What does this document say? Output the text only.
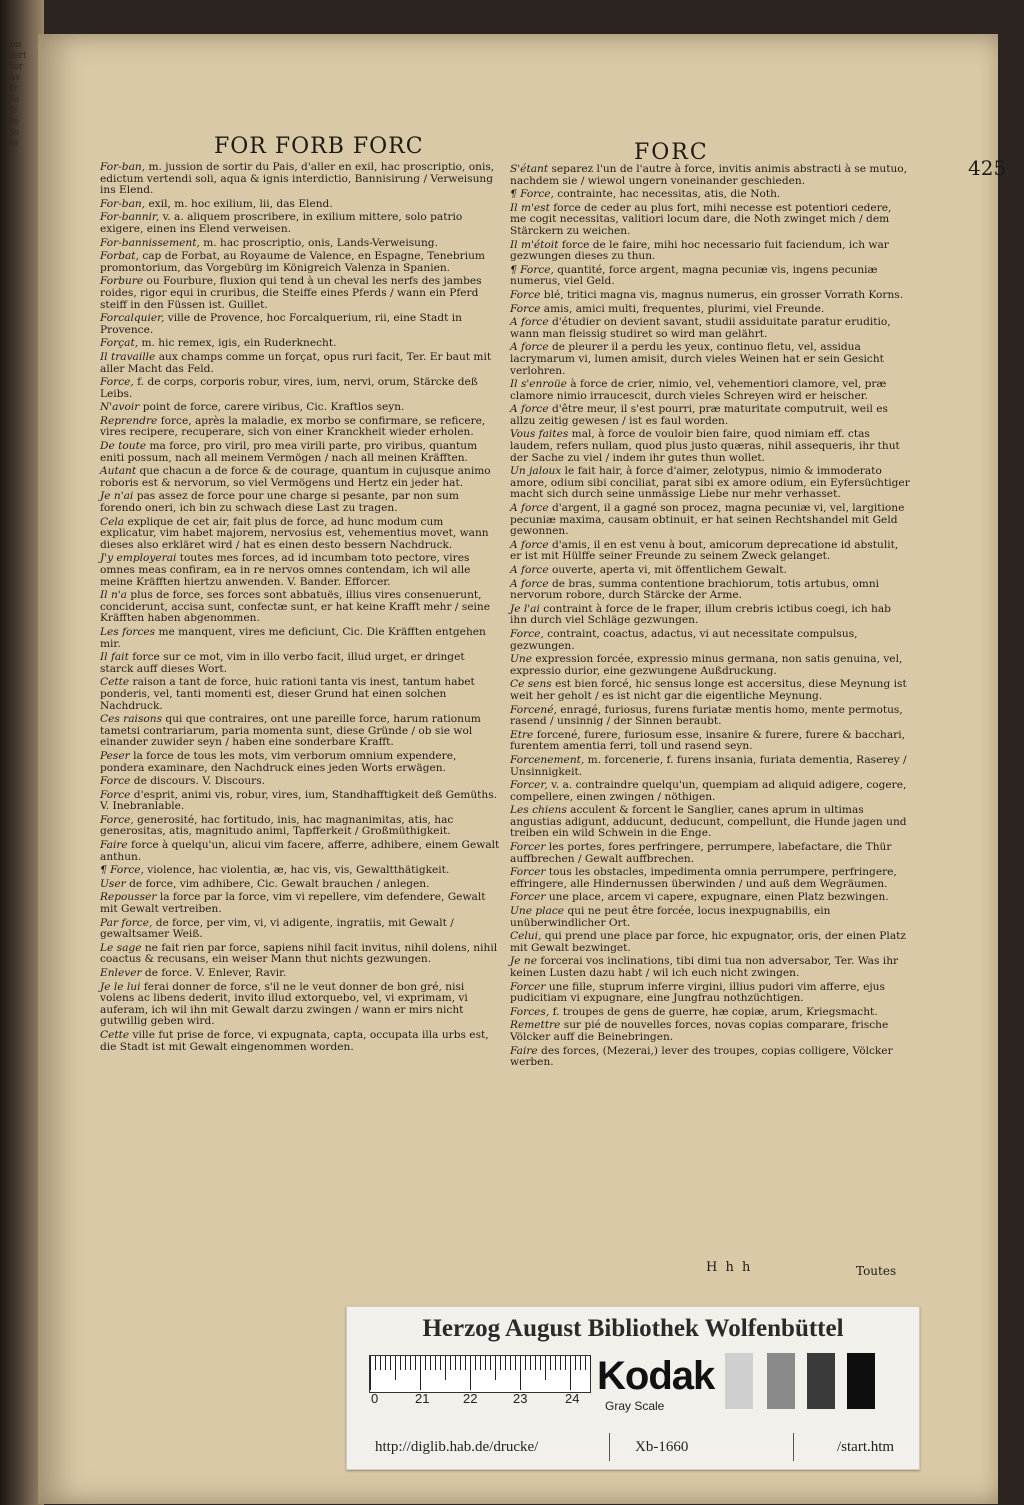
on
fort
for
av
fr
fo
fr
fo
fo
lo	FOR FORB FORC	FORC
425
For-ban, m. jussion de sortir du Pais, d'aller en exil, hac proscriptio, onis, edictum vertendi soli, aqua & ignis interdictio, Bannisirung / Verweisung ins Elend.
For-ban, exil, m. hoc exilium, lii, das Elend.
For-bannir, v. a. aliquem proscribere, in exilium mittere, solo patrio exigere, einen ins Elend verweisen.
For-bannissement, m. hac proscriptio, onis, Lands-Verweisung.
Forbat, cap de Forbat, au Royaume de Valence, en Espagne, Tenebrium promontorium, das Vorgebürg im Königreich Valenza in Spanien.
Forbure ou Fourbure, fluxion qui tend à un cheval les nerfs des jambes roides, rigor equi in cruribus, die Steiffe eines Pferds / wann ein Pferd steiff in den Füssen ist. Guillet.
Forcalquier, ville de Provence, hoc Forcalquerium, rii, eine Stadt in Provence.
Forçat, m. hic remex, igis, ein Ruderknecht.
Il travaille aux champs comme un forçat, opus ruri facit, Ter. Er baut mit aller Macht das Feld.
Force, f. de corps, corporis robur, vires, ium, nervi, orum, Stärcke deß Leibs.
N'avoir point de force, carere viribus, Cic. Kraftlos seyn.
Reprendre force, après la maladie, ex morbo se confirmare, se reficere, vires recipere, recuperare, sich von einer Kranckheit wieder erholen.
De toute ma force, pro viril, pro mea virili parte, pro viribus, quantum eniti possum, nach all meinem Vermögen / nach all meinen Kräfften.
Autant que chacun a de force & de courage, quantum in cujusque animo roboris est & nervorum, so viel Vermögens und Hertz ein jeder hat.
Je n'ai pas assez de force pour une charge si pesante, par non sum forendo oneri, ich bin zu schwach diese Last zu tragen.
Cela explique de cet air, fait plus de force, ad hunc modum cum explicatur, vim habet majorem, nervosius est, vehementius movet, wann dieses also erkläret wird / hat es einen desto bessern Nachdruck.
J'y employerai toutes mes forces, ad id incumbam toto pectore, vires omnes meas confiram, ea in re nervos omnes contendam, ich wil alle meine Kräfften hiertzu anwenden. V. Bander. Efforcer.
Il n'a plus de force, ses forces sont abbatuës, illius vires consenuerunt, conciderunt, accisa sunt, confectæ sunt, er hat keine Krafft mehr / seine Kräfften haben abgenommen.
Les forces me manquent, vires me deficiunt, Cic. Die Kräfften entgehen mir.
Il fait force sur ce mot, vim in illo verbo facit, illud urget, er dringet starck auff dieses Wort.
Cette raison a tant de force, huic rationi tanta vis inest, tantum habet ponderis, vel, tanti momenti est, dieser Grund hat einen solchen Nachdruck.
Ces raisons qui que contraires, ont une pareille force, harum rationum tametsi contrariarum, paria momenta sunt, diese Gründe / ob sie wol einander zuwider seyn / haben eine sonderbare Krafft.
Peser la force de tous les mots, vim verborum omnium expendere, pondera examinare, den Nachdruck eines jeden Worts erwägen.
Force de discours. V. Discours.
Force d'esprit, animi vis, robur, vires, ium, Standhafftigkeit deß Gemüths. V. Inebranlable.
Force, generosité, hac fortitudo, inis, hac magnanimitas, atis, hac generositas, atis, magnitudo animi, Tapfferkeit / Großmüthigkeit.
Faire force à quelqu'un, alicui vim facere, afferre, adhibere, einem Gewalt anthun.
¶ Force, violence, hac violentia, æ, hac vis, vis, Gewaltthätigkeit.
User de force, vim adhibere, Cic. Gewalt brauchen / anlegen.
Repousser la force par la force, vim vi repellere, vim defendere, Gewalt mit Gewalt vertreiben.
Par force, de force, per vim, vi, vi adigente, ingratiis, mit Gewalt / gewaltsamer Weiß.
Le sage ne fait rien par force, sapiens nihil facit invitus, nihil dolens, nihil coactus & recusans, ein weiser Mann thut nichts gezwungen.
Enlever de force. V. Enlever, Ravir.
Je le lui ferai donner de force, s'il ne le veut donner de bon gré, nisi volens ac libens dederit, invito illud extorquebo, vel, vi exprimam, vi auferam, ich wil ihn mit Gewalt darzu zwingen / wann er mirs nicht gutwillig geben wird.
Cette ville fut prise de force, vi expugnata, capta, occupata illa urbs est, die Stadt ist mit Gewalt eingenommen worden.
S'étant separez l'un de l'autre à force, invitis animis abstracti à se mutuo, nachdem sie / wiewol ungern voneinander geschieden.
¶ Force, contrainte, hac necessitas, atis, die Noth.
Il m'est force de ceder au plus fort, mihi necesse est potentiori cedere, me cogit necessitas, valitiori locum dare, die Noth zwinget mich / dem Stärckern zu weichen.
Il m'étoit force de le faire, mihi hoc necessario fuit faciendum, ich war gezwungen dieses zu thun.
¶ Force, quantité, force argent, magna pecuniæ vis, ingens pecuniæ numerus, viel Geld.
Force blé, tritici magna vis, magnus numerus, ein grosser Vorrath Korns.
Force amis, amici multi, frequentes, plurimi, viel Freunde.
A force d'étudier on devient savant, studii assiduitate paratur eruditio, wann man fleissig studiret so wird man gelährt.
A force de pleurer il a perdu les yeux, continuo fletu, vel, assidua lacrymarum vi, lumen amisit, durch vieles Weinen hat er sein Gesicht verlohren.
Il s'enroüe à force de crier, nimio, vel, vehementiori clamore, vel, præ clamore nimio irraucescit, durch vieles Schreyen wird er heischer.
A force d'être meur, il s'est pourri, præ maturitate computruit, weil es allzu zeitig gewesen / ist es faul worden.
Vous faites mal, à force de vouloir bien faire, quod nimiam eff. ctas laudem, refers nullam, quod plus justo quæras, nihil assequeris, ihr thut der Sache zu viel / indem ihr gutes thun wollet.
Un jaloux le fait hair, à force d'aimer, zelotypus, nimio & immoderato amore, odium sibi conciliat, parat sibi ex amore odium, ein Eyfersüchtiger macht sich durch seine unmässige Liebe nur mehr verhasset.
A force d'argent, il a gagné son procez, magna pecuniæ vi, vel, largitione pecuniæ maxima, causam obtinuit, er hat seinen Rechtshandel mit Geld gewonnen.
A force d'amis, il en est venu à bout, amicorum deprecatione id abstulit, er ist mit Hülffe seiner Freunde zu seinem Zweck gelanget.
A force ouverte, aperta vi, mit öffentlichem Gewalt.
A force de bras, summa contentione brachiorum, totis artubus, omni nervorum robore, durch Stärcke der Arme.
Je l'ai contraint à force de le fraper, illum crebris ictibus coegi, ich hab ihn durch viel Schläge gezwungen.
Force, contraint, coactus, adactus, vi aut necessitate compulsus, gezwungen.
Une expression forcée, expressio minus germana, non satis genuina, vel, expressio durior, eine gezwungene Außdruckung.
Ce sens est bien forcé, hic sensus longe est accersitus, diese Meynung ist weit her geholt / es ist nicht gar die eigentliche Meynung.
Forcené, enragé, furiosus, furens furiatæ mentis homo, mente permotus, rasend / unsinnig / der Sinnen beraubt.
Etre forcené, furere, furiosum esse, insanire & furere, furere & bacchari, furentem amentia ferri, toll und rasend seyn.
Forcenement, m. forcenerie, f. furens insania, furiata dementia, Raserey / Unsinnigkeit.
Forcer, v. a. contraindre quelqu'un, quempiam ad aliquid adigere, cogere, compellere, einen zwingen / nöthigen.
Les chiens acculent & forcent le Sanglier, canes aprum in ultimas angustias adigunt, adducunt, deducunt, compellunt, die Hunde jagen und treiben ein wild Schwein in die Enge.
Forcer les portes, fores perfringere, perrumpere, labefactare, die Thür auffbrechen / Gewalt auffbrechen.
Forcer tous les obstacles, impedimenta omnia perrumpere, perfringere, effringere, alle Hindernussen überwinden / und auß dem Wegräumen.
Forcer une place, arcem vi capere, expugnare, einen Platz bezwingen.
Une place qui ne peut être forcée, locus inexpugnabilis, ein unüberwindlicher Ort.
Celui, qui prend une place par force, hic expugnator, oris, der einen Platz mit Gewalt bezwinget.
Je ne forcerai vos inclinations, tibi dimi tua non adversabor, Ter. Was ihr keinen Lusten dazu habt / wil ich euch nicht zwingen.
Forcer une fille, stuprum inferre virgini, illius pudori vim afferre, ejus pudicitiam vi expugnare, eine Jungfrau nothzüchtigen.
Forces, f. troupes de gens de guerre, hæ copiæ, arum, Kriegsmacht.
Remettre sur pié de nouvelles forces, novas copias comparare, frische Völcker auff die Beinebringen.
Faire des forces, (Mezerai,) lever des troupes, copias colligere, Völcker werben.
H h h	Toutes
Herzog August Bibliothek Wolfenbüttel
0	21	22	23	24
Kodak
Gray Scale
http://diglib.hab.de/drucke/	Xb-1660	/start.htm
